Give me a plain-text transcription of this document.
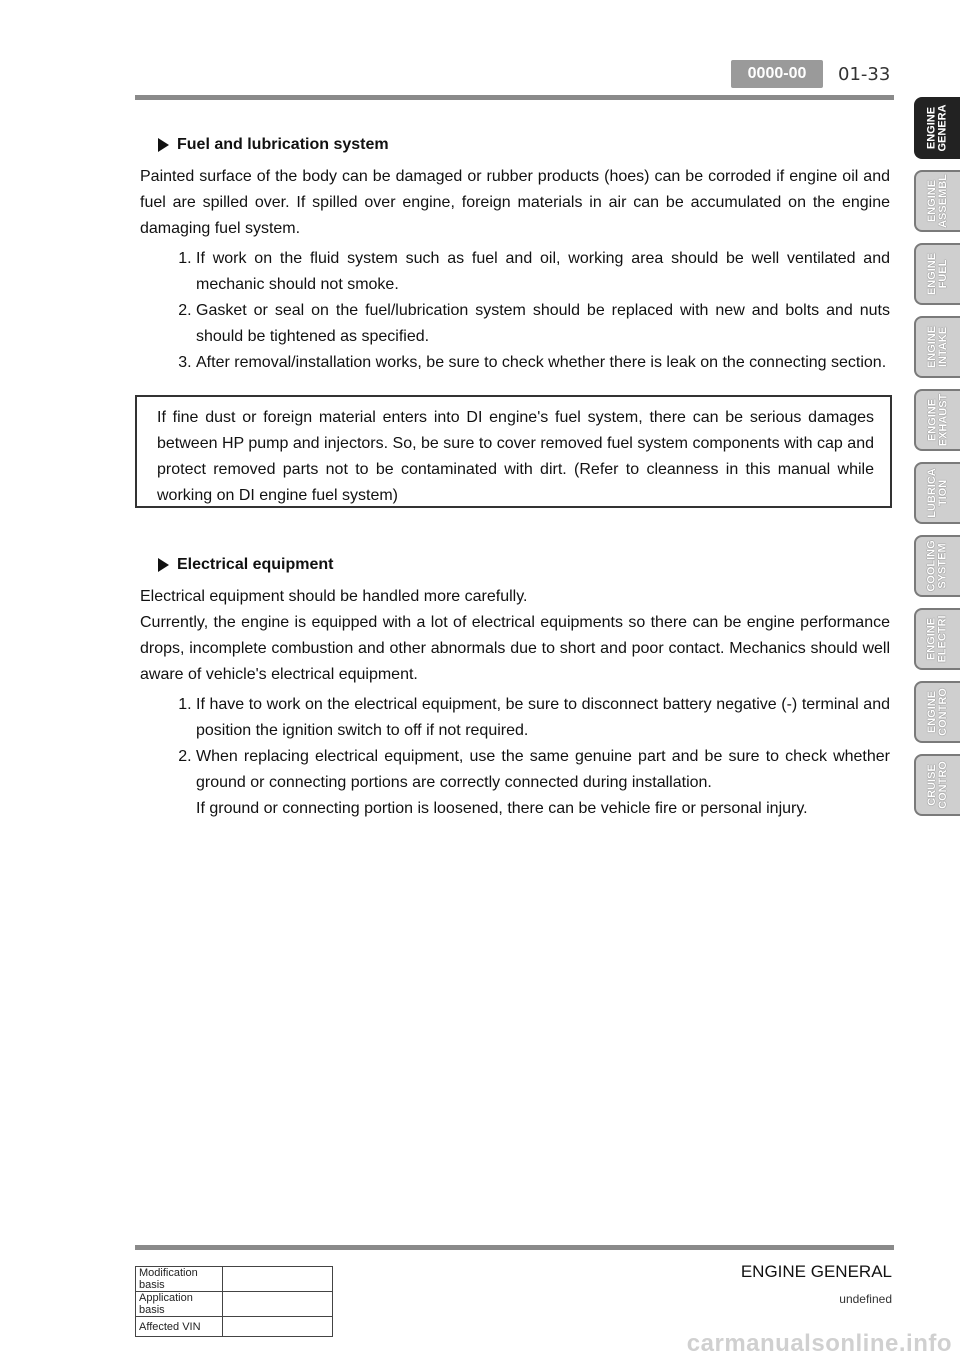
0000-00	01-33
Fuel and lubrication system

Painted surface of the body can be damaged or rubber products (hoes) can be corroded if engine oil and fuel are spilled over. If spilled over engine, foreign materials in air can be accumulated on the engine damaging fuel system.

1. If work on the fluid system such as fuel and oil, working area should be well ventilated and mechanic should not smoke.
2. Gasket or seal on the fuel/lubrication system should be replaced with new and bolts and nuts should be tightened as specified.
3. After removal/installation works, be sure to check whether there is leak on the connecting section.
If fine dust or foreign material enters into DI engine's fuel system, there can be serious damages between HP pump and injectors. So, be sure to cover removed fuel system components with cap and protect removed parts not to be contaminated with dirt. (Refer to cleanness in this manual while working on DI engine fuel system)
Electrical equipment

Electrical equipment should be handled more carefully.

Currently, the engine is equipped with a lot of electrical equipments so there can be engine performance drops, incomplete combustion and other abnormals due to short and poor contact. Mechanics should well aware of vehicle's electrical equipment.

1. If have to work on the electrical equipment, be sure to disconnect battery negative (-) terminal and position the ignition switch to off if not required.
2. When replacing electrical equipment, use the same genuine part and be sure to check whether ground or connecting portions are correctly connected during installation.
If ground or connecting portion is loosened, there can be vehicle fire or personal injury.
ENGINE
GENERA
ENGINE
ASSEMBL
ENGINE
FUEL
ENGINE
INTAKE
ENGINE
EXHAUST
LUBRICA
TION
COOLING
SYSTEM
ENGINE
ELECTRI
ENGINE
CONTRO
CRUISE
CONTRO
Modification basis	
Application basis	
Affected VIN	
ENGINE GENERAL
undefined
carmanualsonline.info
